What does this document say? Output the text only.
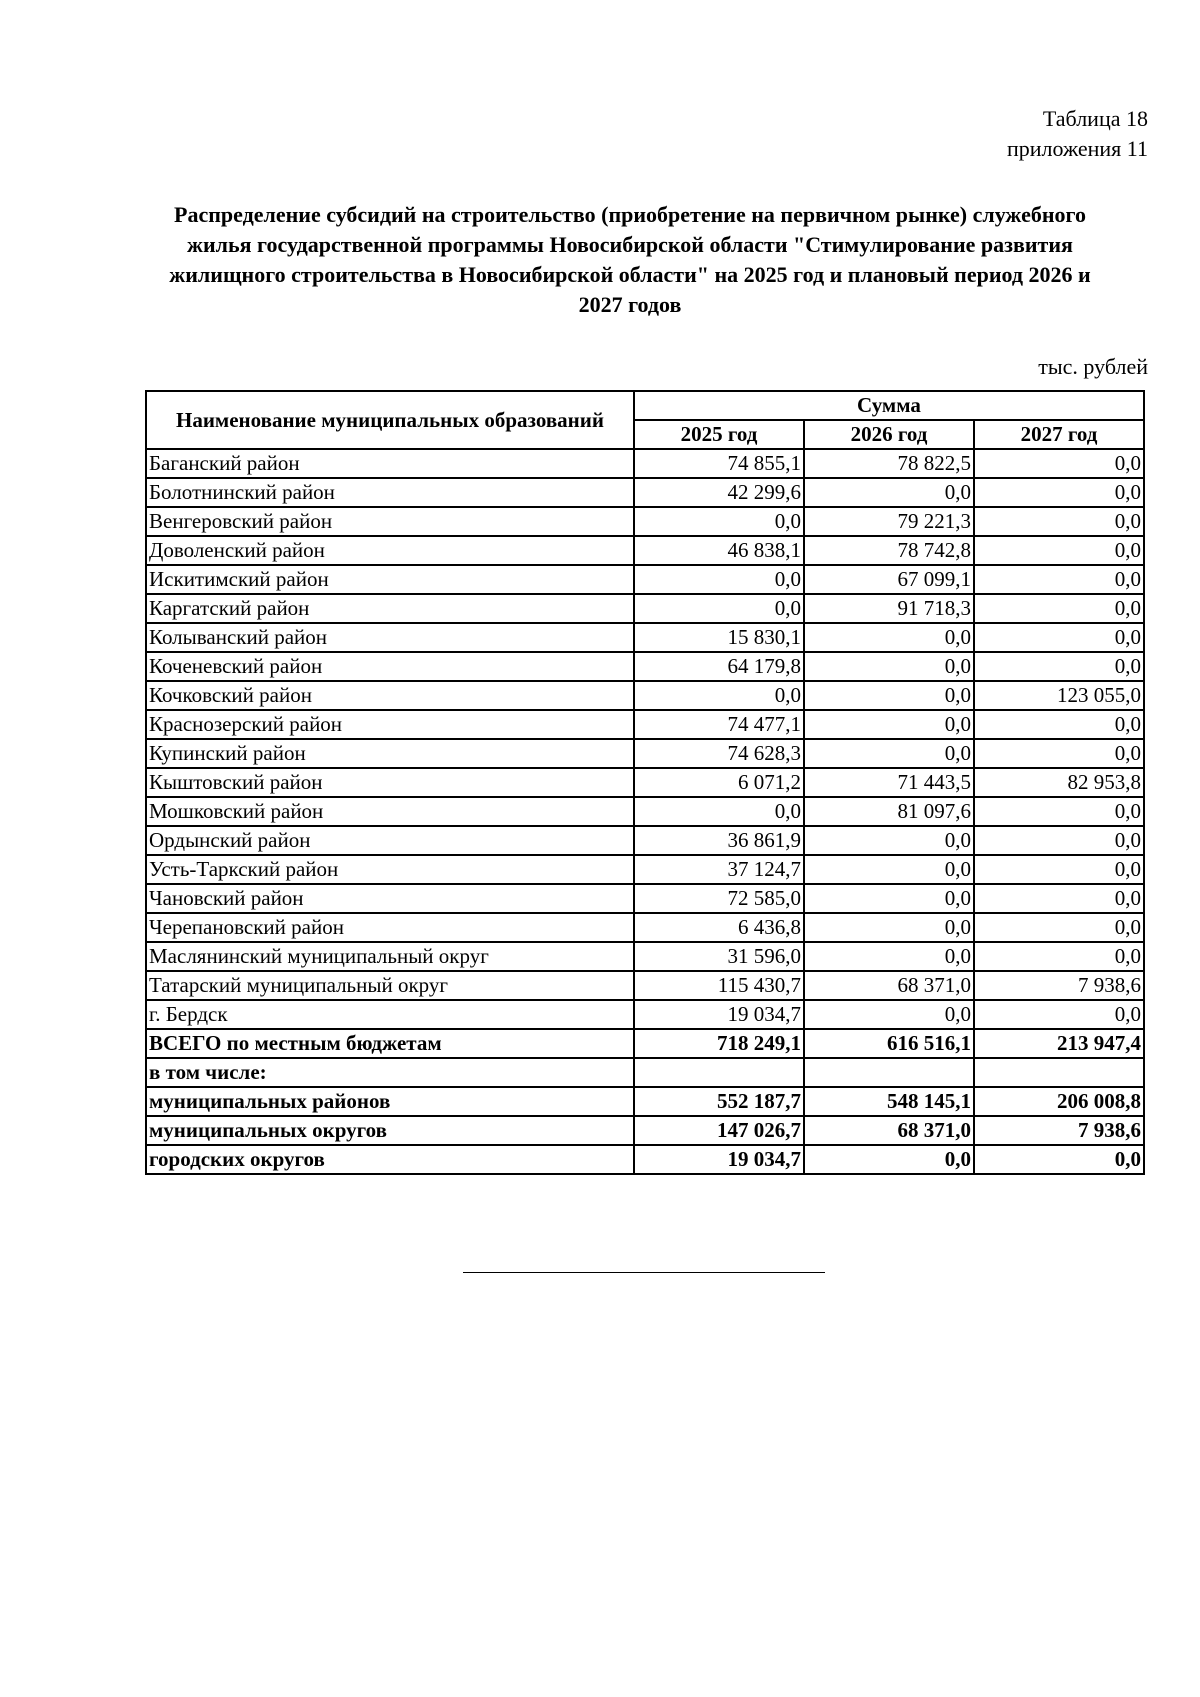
Таблица 18
приложения 11
Распределение субсидий на строительство (приобретение на первичном рынке) служебного
жилья государственной программы Новосибирской области "Стимулирование развития
жилищного строительства в Новосибирской области" на 2025 год и плановый период 2026 и
2027 годов
тыс. рублей
Наименование муниципальных образований	Сумма		
	2025 год	2026 год	2027 год
Баганский район	74 855,1	78 822,5	0,0
Болотнинский район	42 299,6	0,0	0,0
Венгеровский район	0,0	79 221,3	0,0
Доволенский район	46 838,1	78 742,8	0,0
Искитимский район	0,0	67 099,1	0,0
Каргатский район	0,0	91 718,3	0,0
Колыванский район	15 830,1	0,0	0,0
Коченевский район	64 179,8	0,0	0,0
Кочковский район	0,0	0,0	123 055,0
Краснозерский район	74 477,1	0,0	0,0
Купинский район	74 628,3	0,0	0,0
Кыштовский район	6 071,2	71 443,5	82 953,8
Мошковский район	0,0	81 097,6	0,0
Ордынский район	36 861,9	0,0	0,0
Усть-Таркский район	37 124,7	0,0	0,0
Чановский район	72 585,0	0,0	0,0
Черепановский район	6 436,8	0,0	0,0
Маслянинский муниципальный округ	31 596,0	0,0	0,0
Татарский муниципальный округ	115 430,7	68 371,0	7 938,6
г. Бердск	19 034,7	0,0	0,0
ВСЕГО по местным бюджетам	718 249,1	616 516,1	213 947,4
в том числе:			
муниципальных районов	552 187,7	548 145,1	206 008,8
муниципальных округов	147 026,7	68 371,0	7 938,6
городских округов	19 034,7	0,0	0,0
